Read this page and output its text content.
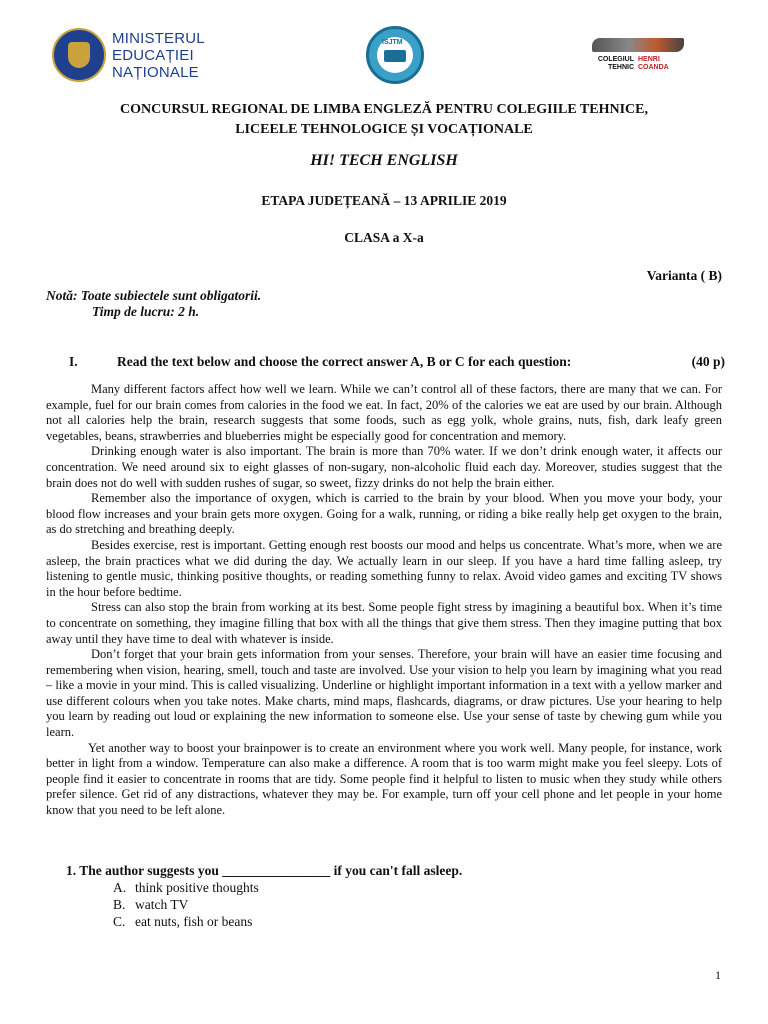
MINISTERUL
EDUCAȚIEI
NAȚIONALE
ISJTM
COLEGIUL
TEHNIC
HENRI
COANDA
CONCURSUL REGIONAL DE LIMBA ENGLEZĂ PENTRU COLEGIILE TEHNICE,
LICEELE TEHNOLOGICE ȘI VOCAȚIONALE
HI! TECH ENGLISH
ETAPA JUDEȚEANĂ – 13 APRILIE 2019
CLASA a X-a
Varianta ( B)
Notă: Toate subiectele sunt obligatorii.
Timp de lucru: 2 h.
I.	Read the text below and choose the correct answer A, B or C for each question:	(40 p)

Many different factors affect how well we learn. While we can’t control all of these factors, there are many that we can. For example, fuel for our brain comes from calories in the food we eat. In fact, 20% of the calories we eat are used by our brain. Although not all calories help the brain, research suggests that some foods, such as egg yolk, whole grains, nuts, fish, dark leafy green vegetables, beans, strawberries and blueberries might be especially good for concentration and memory.

Drinking enough water is also important. The brain is more than 70% water. If we don’t drink enough water, it affects our concentration. We need around six to eight glasses of non-sugary, non-alcoholic fluid each day. Moreover, studies suggest that the brain does not do well with sudden rushes of sugar, so sweet, fizzy drinks do not help the brain either.

Remember also the importance of oxygen, which is carried to the brain by your blood. When you move your body, your blood flow increases and your brain gets more oxygen. Going for a walk, running, or riding a bike really help get oxygen to the brain, as do stretching and breathing deeply.

Besides exercise, rest is important. Getting enough rest boosts our mood and helps us concentrate. What’s more, when we are asleep, the brain practices what we did during the day. We actually learn in our sleep. If you have a hard time falling asleep, try listening to gentle music, thinking positive thoughts, or reading something funny to relax. Avoid video games and exciting TV shows in the hour before bedtime.

Stress can also stop the brain from working at its best. Some people fight stress by imagining a beautiful box. When it’s time to concentrate on something, they imagine filling that box with all the things that give them stress. Then they imagine putting that box away until they have time to deal with whatever is inside.

Don’t forget that your brain gets information from your senses. Therefore, your brain will have an easier time focusing and remembering when vision, hearing, smell, touch and taste are involved. Use your vision to help you learn by imagining what you read – like a movie in your mind. This is called visualizing. Underline or highlight important information in a text with a yellow marker and use different colours when you take notes. Make charts, mind maps, flashcards, diagrams, or draw pictures. Use your hearing to help you learn by reading out loud or explaining the new information to someone else. Use your sense of taste by chewing gum while you learn.

Yet another way to boost your brainpower is to create an environment where you work well. Many people, for instance, work better in light from a window. Temperature can also make a difference. A room that is too warm might make you feel sleepy. Lots of people find it easier to concentrate in rooms that are tidy. Some people find it helpful to listen to music when they study while others prefer silence. Get rid of any distractions, whatever they may be. For example, turn off your cell phone and let people in your home know that you need to be left alone.

1. The author suggests you ________________ if you can't fall asleep.
A. think positive thoughts
B. watch TV
C. eat nuts, fish or beans
1
